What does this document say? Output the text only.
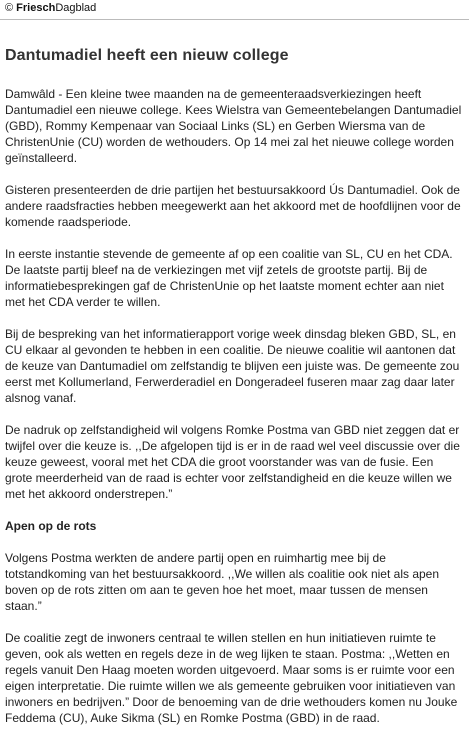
© FrieschDagblad
Dantumadiel heeft een nieuw college

Damwâld - Een kleine twee maanden na de gemeenteraadsverkiezingen heeft Dantumadiel een nieuwe college. Kees Wielstra van Gemeentebelangen Dantumadiel (GBD), Rommy Kempenaar van Sociaal Links (SL) en Gerben Wiersma van de ChristenUnie (CU) worden de wethouders. Op 14 mei zal het nieuwe college worden geïnstalleerd.

Gisteren presenteerden de drie partijen het bestuursakkoord Ús Dantumadiel. Ook de andere raadsfracties hebben meegewerkt aan het akkoord met de hoofdlijnen voor de komende raadsperiode.

In eerste instantie stevende de gemeente af op een coalitie van SL, CU en het CDA. De laatste partij bleef na de verkiezingen met vijf zetels de grootste partij. Bij de informatiebesprekingen gaf de ChristenUnie op het laatste moment echter aan niet met het CDA verder te willen.

Bij de bespreking van het informatierapport vorige week dinsdag bleken GBD, SL, en CU elkaar al gevonden te hebben in een coalitie. De nieuwe coalitie wil aantonen dat de keuze van Dantumadiel om zelfstandig te blijven een juiste was. De gemeente zou eerst met Kollumerland, Ferwerderadiel en Dongeradeel fuseren maar zag daar later alsnog vanaf.

De nadruk op zelfstandigheid wil volgens Romke Postma van GBD niet zeggen dat er twijfel over die keuze is. ,,De afgelopen tijd is er in de raad wel veel discussie over die keuze geweest, vooral met het CDA die groot voorstander was van de fusie. Een grote meerderheid van de raad is echter voor zelfstandigheid en die keuze willen we met het akkoord onderstrepen.”

Apen op de rots

Volgens Postma werkten de andere partij open en ruimhartig mee bij de totstandkoming van het bestuursakkoord. ,,We willen als coalitie ook niet als apen boven op de rots zitten om aan te geven hoe het moet, maar tussen de mensen staan.”

De coalitie zegt de inwoners centraal te willen stellen en hun initiatieven ruimte te geven, ook als wetten en regels deze in de weg lijken te staan. Postma: ,,Wetten en regels vanuit Den Haag moeten worden uitgevoerd. Maar soms is er ruimte voor een eigen interpretatie. Die ruimte willen we als gemeente gebruiken voor initiatieven van inwoners en bedrijven.” Door de benoeming van de drie wethouders komen nu Jouke Feddema (CU), Auke Sikma (SL) en Romke Postma (GBD) in de raad.
